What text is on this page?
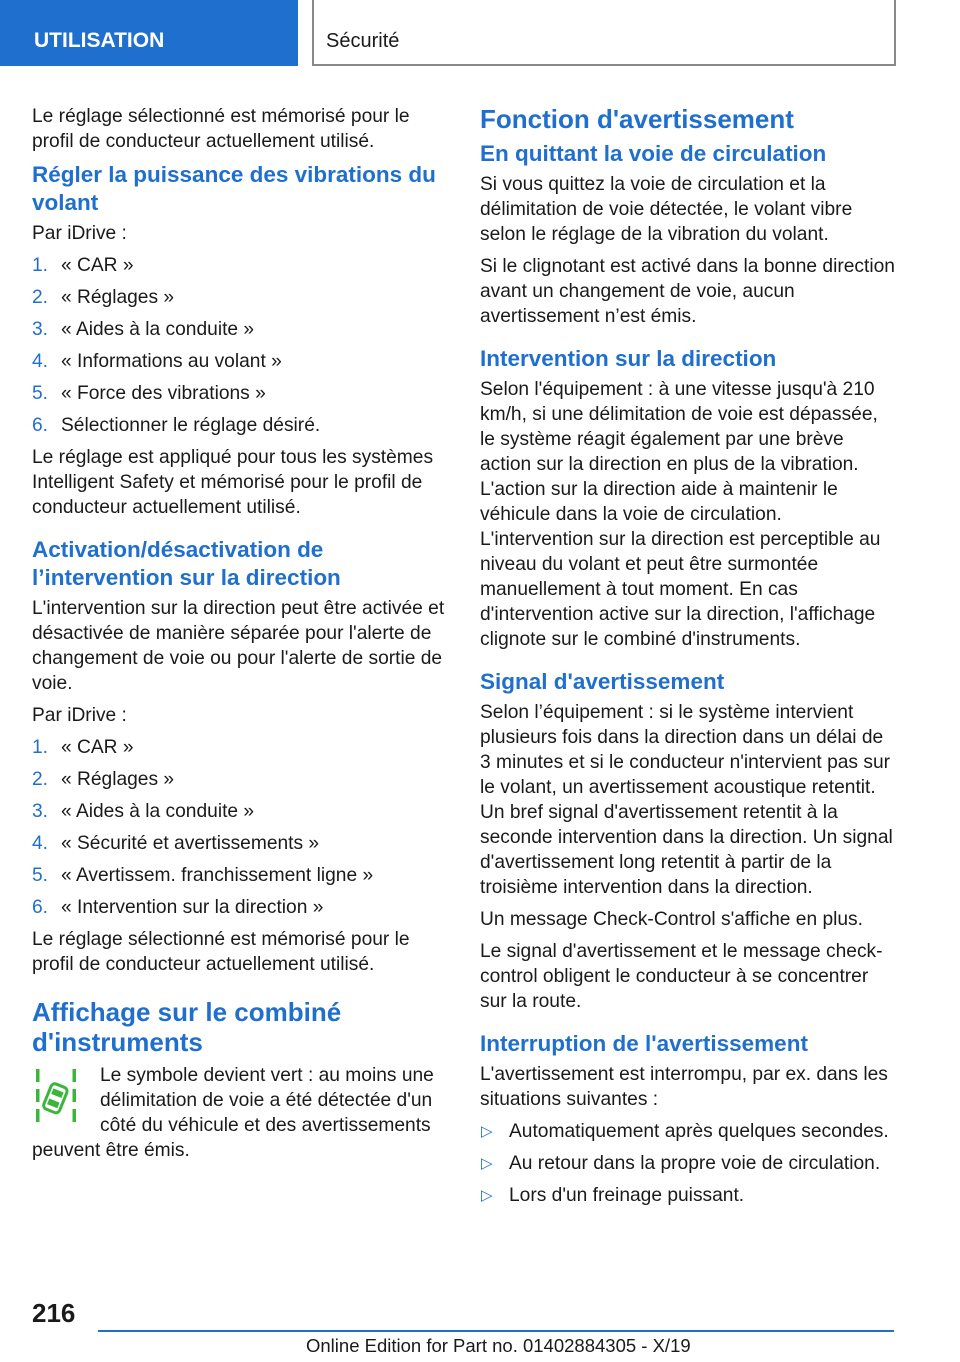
UTILISATION	Sécurité

Le réglage sélectionné est mémorisé pour le profil de conducteur actuellement utilisé.

Régler la puissance des vibrations du volant

Par iDrive :

1. « CAR »
2. « Réglages »
3. « Aides à la conduite »
4. « Informations au volant »
5. « Force des vibrations »
6. Sélectionner le réglage désiré.

Le réglage est appliqué pour tous les systèmes Intelligent Safety et mémorisé pour le profil de conducteur actuellement utilisé.

Activation/désactivation de l’intervention sur la direction

L'intervention sur la direction peut être activée et désactivée de manière séparée pour l'alerte de changement de voie ou pour l'alerte de sortie de voie.

Par iDrive :

1. « CAR »
2. « Réglages »
3. « Aides à la conduite »
4. « Sécurité et avertissements »
5. « Avertissem. franchissement ligne »
6. « Intervention sur la direction »

Le réglage sélectionné est mémorisé pour le profil de conducteur actuellement utilisé.

Affichage sur le combiné d'instruments

Le symbole devient vert : au moins une délimitation de voie a été détectée d'un côté du véhicule et des avertissements peuvent être émis.

Fonction d'avertissement
En quittant la voie de circulation

Si vous quittez la voie de circulation et la délimitation de voie détectée, le volant vibre selon le réglage de la vibration du volant.

Si le clignotant est activé dans la bonne direction avant un changement de voie, aucun avertissement n’est émis.

Intervention sur la direction

Selon l'équipement : à une vitesse jusqu'à 210 km/h, si une délimitation de voie est dépassée, le système réagit également par une brève action sur la direction en plus de la vibration. L'action sur la direction aide à maintenir le véhicule dans la voie de circulation. L'intervention sur la direction est perceptible au niveau du volant et peut être surmontée manuellement à tout moment. En cas d'intervention active sur la direction, l'affichage clignote sur le combiné d'instruments.

Signal d'avertissement

Selon l’équipement : si le système intervient plusieurs fois dans la direction dans un délai de 3 minutes et si le conducteur n'intervient pas sur le volant, un avertissement acoustique retentit. Un bref signal d'avertissement retentit à la seconde intervention dans la direction. Un signal d'avertissement long retentit à partir de la troisième intervention dans la direction.

Un message Check-Control s'affiche en plus.

Le signal d'avertissement et le message check-control obligent le conducteur à se concentrer sur la route.

Interruption de l'avertissement

L'avertissement est interrompu, par ex. dans les situations suivantes :

▷ Automatiquement après quelques secondes.
▷ Au retour dans la propre voie de circulation.
▷ Lors d'un freinage puissant.
216
Online Edition for Part no. 01402884305 - X/19
